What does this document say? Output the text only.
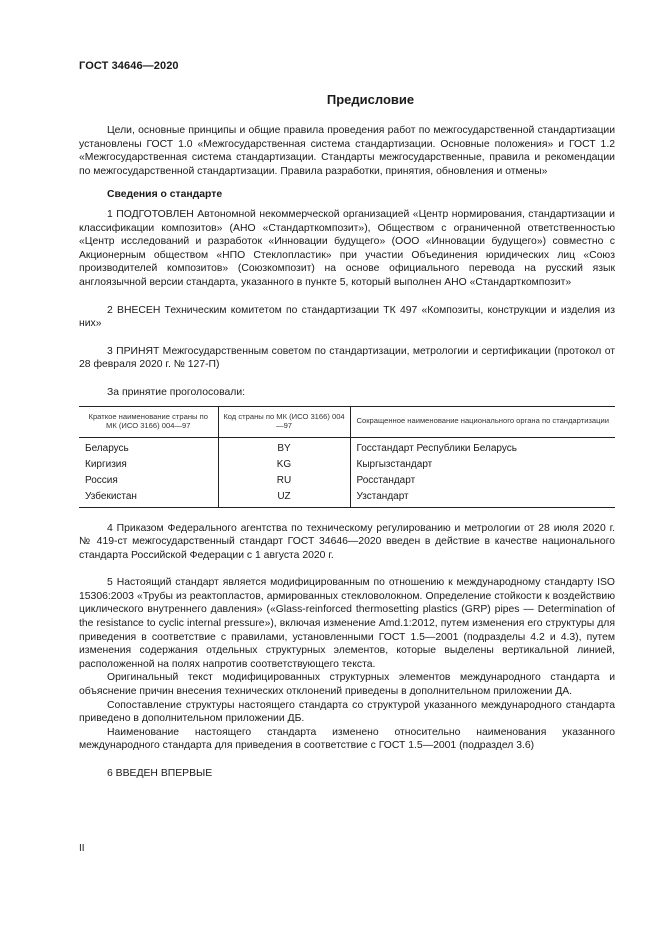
ГОСТ 34646—2020
Предисловие

Цели, основные принципы и общие правила проведения работ по межгосударственной стандартизации установлены ГОСТ 1.0 «Межгосударственная система стандартизации. Основные положения» и ГОСТ 1.2 «Межгосударственная система стандартизации. Стандарты межгосударственные, правила и рекомендации по межгосударственной стандартизации. Правила разработки, принятия, обновления и отмены»

Сведения о стандарте

1 ПОДГОТОВЛЕН Автономной некоммерческой организацией «Центр нормирования, стандартизации и классификации композитов» (АНО «Стандарткомпозит»), Обществом с ограниченной ответственностью «Центр исследований и разработок «Инновации будущего» (ООО «Инновации будущего») совместно с Акционерным обществом «НПО Стеклопластик» при участии Объединения юридических лиц «Союз производителей композитов» (Союзкомпозит) на основе официального перевода на русский язык англоязычной версии стандарта, указанного в пункте 5, который выполнен АНО «Стандарткомпозит»

2 ВНЕСЕН Техническим комитетом по стандартизации ТК 497 «Композиты, конструкции и изделия из них»

3 ПРИНЯТ Межгосударственным советом по стандартизации, метрологии и сертификации (протокол от 28 февраля 2020 г. № 127-П)

За принятие проголосовали:

Краткое наименование страны по МК (ИСО 3166) 004—97	Код страны по МК (ИСО 3166) 004—97	Сокращенное наименование национального органа по стандартизации
Беларусь	BY	Госстандарт Республики Беларусь
Киргизия	KG	Кыргызстандарт
Россия	RU	Росстандарт
Узбекистан	UZ	Узстандарт

4 Приказом Федерального агентства по техническому регулированию и метрологии от 28 июля 2020 г. № 419-ст межгосударственный стандарт ГОСТ 34646—2020 введен в действие в качестве национального стандарта Российской Федерации с 1 августа 2020 г.

5 Настоящий стандарт является модифицированным по отношению к международному стандарту ISO 15306:2003 «Трубы из реактопластов, армированных стекловолокном. Определение стойкости к воздействию циклического внутреннего давления» («Glass-reinforced thermosetting plastics (GRP) pipes — Determination of the resistance to cyclic internal pressure»), включая изменение Amd.1:2012, путем изменения его структуры для приведения в соответствие с правилами, установленными ГОСТ 1.5—2001 (подразделы 4.2 и 4.3), путем изменения содержания отдельных структурных элементов, которые выделены вертикальной линией, расположенной на полях напротив соответствующего текста.

Оригинальный текст модифицированных структурных элементов международного стандарта и объяснение причин внесения технических отклонений приведены в дополнительном приложении ДА.

Сопоставление структуры настоящего стандарта со структурой указанного международного стандарта приведено в дополнительном приложении ДБ.

Наименование настоящего стандарта изменено относительно наименования указанного международного стандарта для приведения в соответствие с ГОСТ 1.5—2001 (подраздел 3.6)

6 ВВЕДЕН ВПЕРВЫЕ

II
